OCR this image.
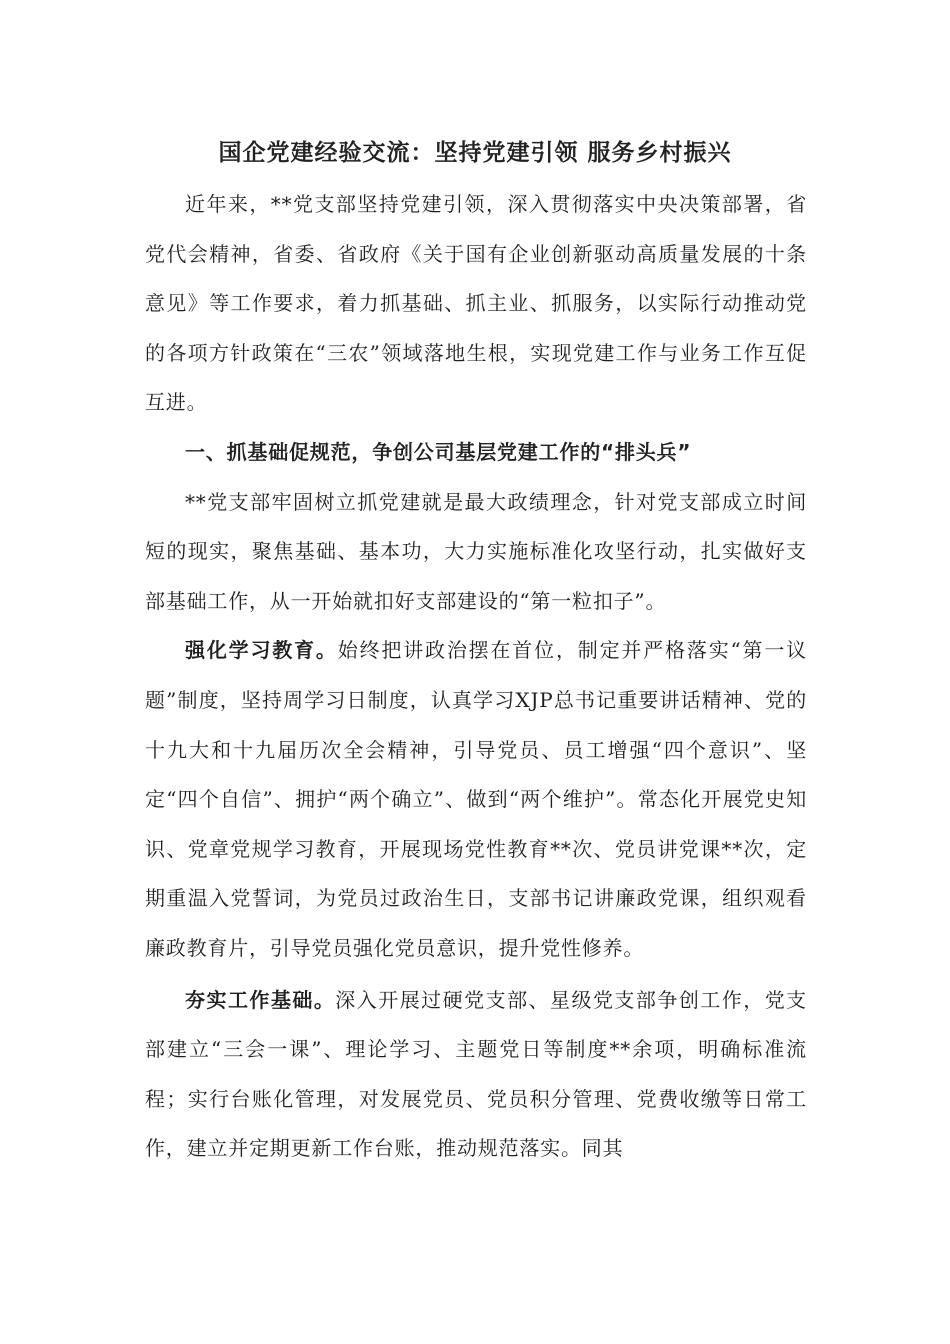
国企党建经验交流：坚持党建引领 服务乡村振兴

近年来，**党支部坚持党建引领，深入贯彻落实中央决策部署，省党代会精神，省委、省政府《关于国有企业创新驱动高质量发展的十条意见》等工作要求，着力抓基础、抓主业、抓服务，以实际行动推动党的各项方针政策在“三农”领域落地生根，实现党建工作与业务工作互促互进。

一、抓基础促规范，争创公司基层党建工作的“排头兵”

**党支部牢固树立抓党建就是最大政绩理念，针对党支部成立时间短的现实，聚焦基础、基本功，大力实施标准化攻坚行动，扎实做好支部基础工作，从一开始就扣好支部建设的“第一粒扣子”。

强化学习教育。始终把讲政治摆在首位，制定并严格落实“第一议题”制度，坚持周学习日制度，认真学习XJP总书记重要讲话精神、党的十九大和十九届历次全会精神，引导党员、员工增强“四个意识”、坚定“四个自信”、拥护“两个确立”、做到“两个维护”。常态化开展党史知识、党章党规学习教育，开展现场党性教育**次、党员讲党课**次，定期重温入党誓词，为党员过政治生日，支部书记讲廉政党课，组织观看廉政教育片，引导党员强化党员意识，提升党性修养。

夯实工作基础。深入开展过硬党支部、星级党支部争创工作，党支部建立“三会一课”、理论学习、主题党日等制度**余项，明确标准流程；实行台账化管理，对发展党员、党员积分管理、党费收缴等日常工作，建立并定期更新工作台账，推动规范落实。同其
